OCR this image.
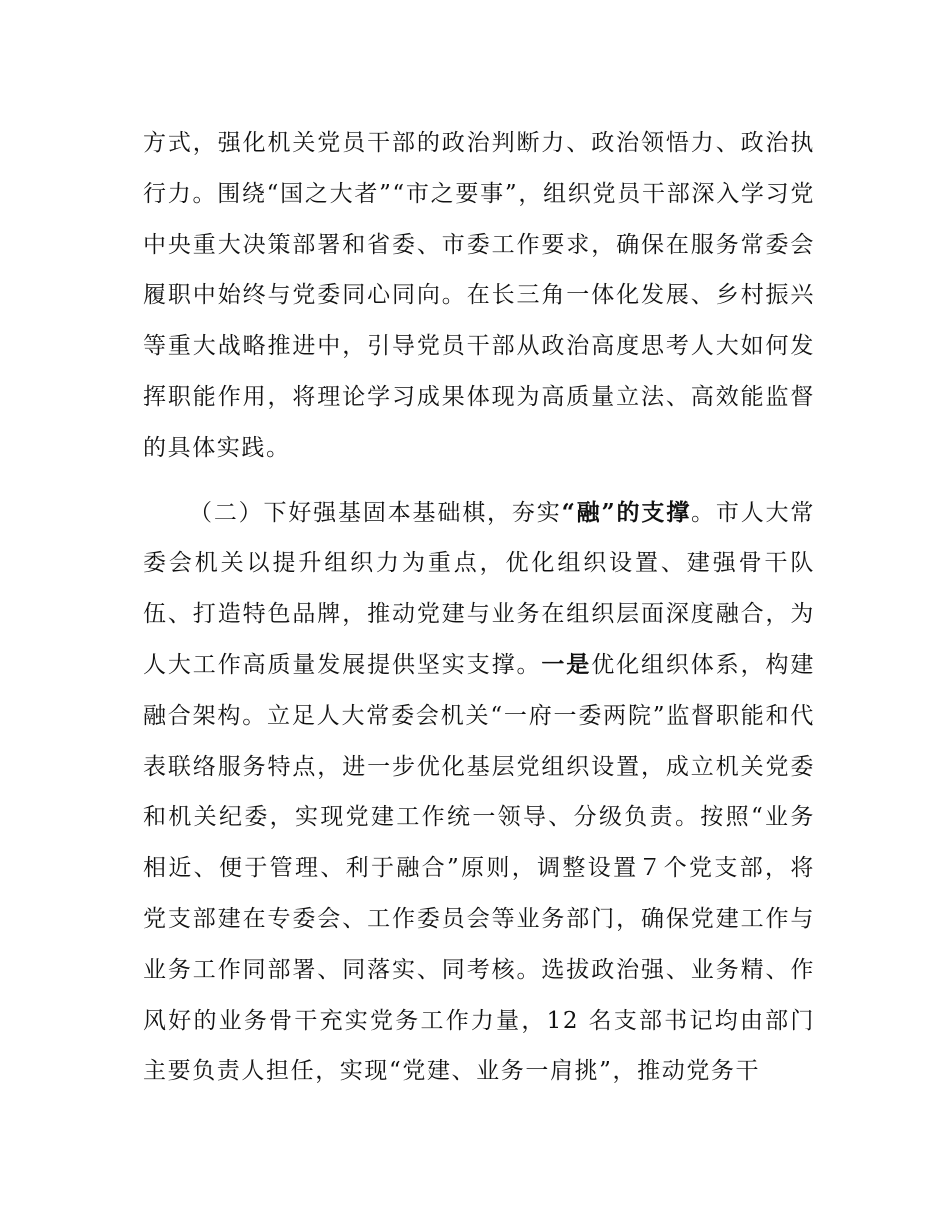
方式，强化机关党员干部的政治判断力、政治领悟力、政治执行力。围绕“国之大者”“市之要事”，组织党员干部深入学习党中央重大决策部署和省委、市委工作要求，确保在服务常委会履职中始终与党委同心同向。在长三角一体化发展、乡村振兴等重大战略推进中，引导党员干部从政治高度思考人大如何发挥职能作用，将理论学习成果体现为高质量立法、高效能监督的具体实践。

（二）下好强基固本基础棋，夯实“融”的支撑。市人大常委会机关以提升组织力为重点，优化组织设置、建强骨干队伍、打造特色品牌，推动党建与业务在组织层面深度融合，为人大工作高质量发展提供坚实支撑。一是优化组织体系，构建融合架构。立足人大常委会机关“一府一委两院”监督职能和代表联络服务特点，进一步优化基层党组织设置，成立机关党委和机关纪委，实现党建工作统一领导、分级负责。按照“业务相近、便于管理、利于融合”原则，调整设置７个党支部，将党支部建在专委会、工作委员会等业务部门，确保党建工作与业务工作同部署、同落实、同考核。选拔政治强、业务精、作风好的业务骨干充实党务工作力量，12 名支部书记均由部门主要负责人担任，实现“党建、业务一肩挑”，推动党务干
